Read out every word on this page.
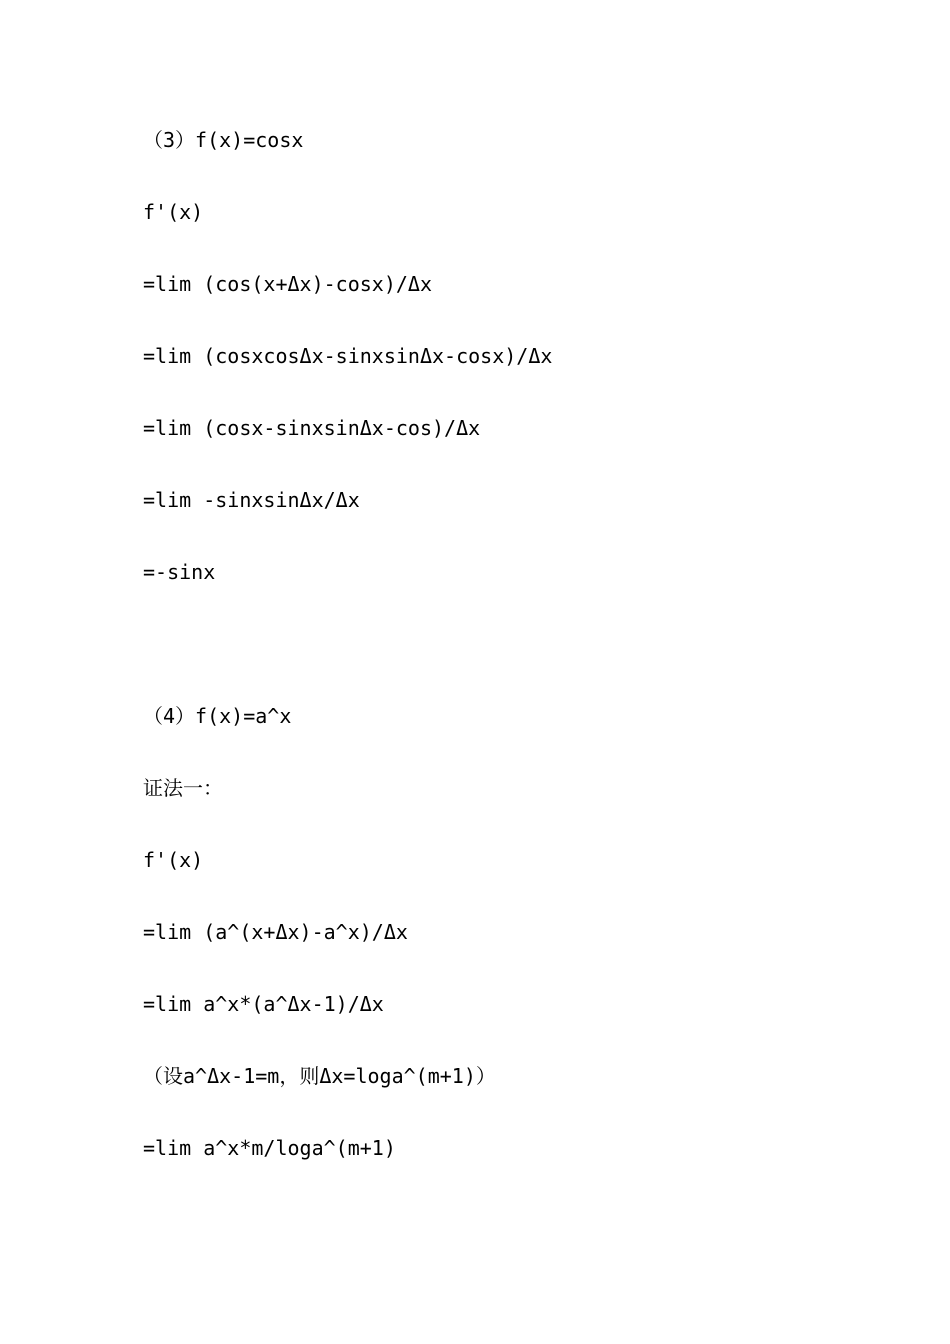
（3）f(x)=cosx

f'(x)

=lim (cos(x+Δx)-cosx)/Δx

=lim (cosxcosΔx-sinxsinΔx-cosx)/Δx

=lim (cosx-sinxsinΔx-cos)/Δx

=lim -sinxsinΔx/Δx

=-sinx

（4）f(x)=a^x

证法一：

f'(x)

=lim (a^(x+Δx)-a^x)/Δx

=lim a^x*(a^Δx-1)/Δx

（设a^Δx-1=m，则Δx=loga^(m+1)）

=lim a^x*m/loga^(m+1)
